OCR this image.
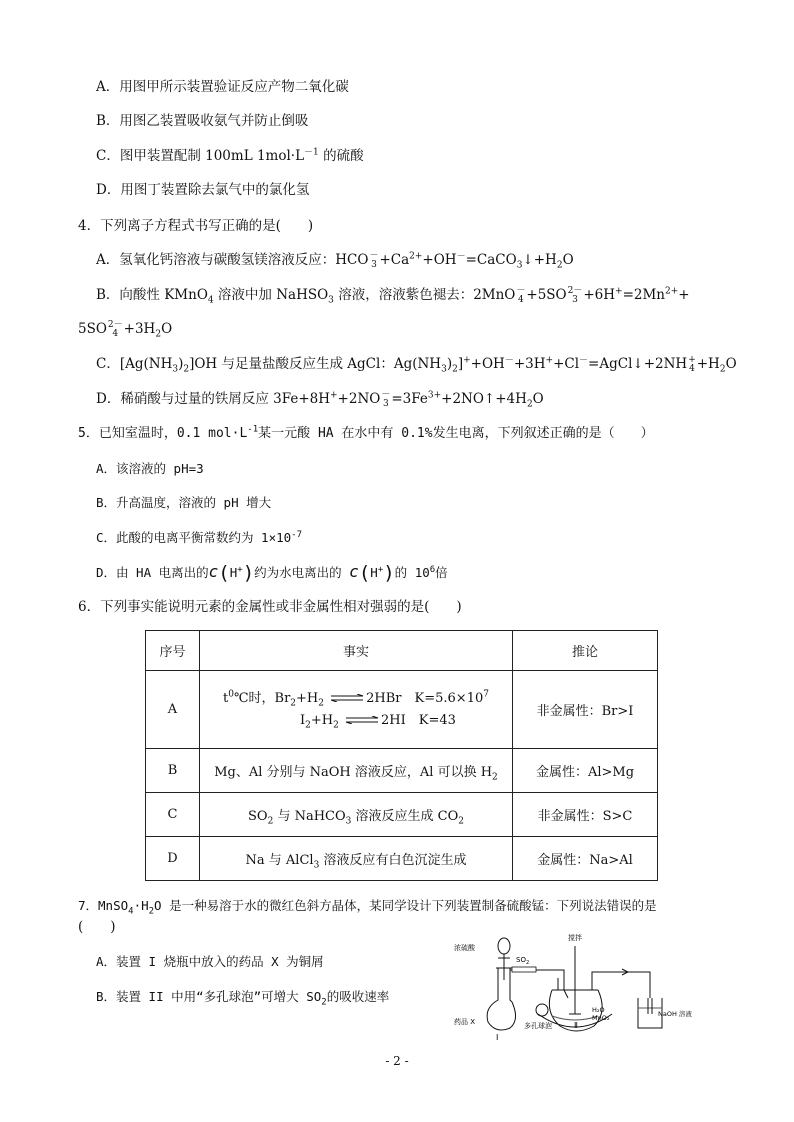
A．用图甲所示装置验证反应产物二氧化碳
B．用图乙装置吸收氨气并防止倒吸
C．图甲装置配制 100mL $1mol\cdot L^{-1}$ 的硫酸
D．用图丁装置除去氯气中的氯化氢
4．下列离子方程式书写正确的是(　　)
A．氢氧化钙溶液与碳酸氢镁溶液反应：HCO －
$3 +Ca^{2+}+OH^-=CaCO_3↓+H_2O$
B．向酸性 KMnO$_4$ 溶液中加 NaHSO$_3$ 溶液，溶液紫色褪去：2MnO －
4 +5SO 2－
$3 +6H^+=2Mn^{2+}+$
5SO 2－
$4 +3H_2O$
C．$[Ag(NH_3)_2]OH$ 与足量盐酸反应生成 AgCl：$Ag(NH_3)_2]^++OH^-+3H^++Cl^-=AgCl↓+2NH$ +
$4 +H_2O$
D．稀硝酸与过量的铁屑反应 3Fe+8H++2NO －
$3 =3Fe^{3+}+2NO↑+4H_2O$
5．已知室温时，0.1 $mol\cdot L^{-1}$某一元酸 HA 在水中有 0.1%发生电离，下列叙述正确的是（　　）
A．该溶液的 pH=3
B．升高温度，溶液的 pH 增大
C．此酸的电离平衡常数约为 $1\times 10^{-7}$
D．由 HA 电离出的c(H+)约为水电离出的 c(H+)的 $10^6$倍
6．下列事实能说明元素的金属性或非金属性相对强弱的是(　　)
序号	事实	推论
A	$t^0℃$时，$Br_2+H_2$ ⇌ 2HBr　$K=5.6\times 10^7$
$I_2+H_2$ ⇌ 2HI　K=43	非金属性：Br>I
B	Mg、Al 分别与 NaOH 溶液反应，Al 可以换 $H_2$	金属性：Al>Mg
C	$SO_2$ 与 NaHCO$_3$ 溶液反应生成 $CO_2$	非金属性：S>C
D	Na 与 AlCl$_3$ 溶液反应有白色沉淀生成	金属性：Na>Al
7．$MnSO_4\cdot H_2O$ 是一种易溶于水的微红色斜方晶体，某同学设计下列装置制备硫酸锰：下列说法错误的是
(　　)
A．装置 I 烧瓶中放入的药品 X 为铜屑
B．装置 II 中用“多孔球泡”可增大 $SO_2$的吸收速率
浓硫酸
$SO_2$
搅拌
药品 X	多孔球泡
H₂O
MnO₂	NaOH 溶液
Ⅰ
Ⅱ
- 2 -
